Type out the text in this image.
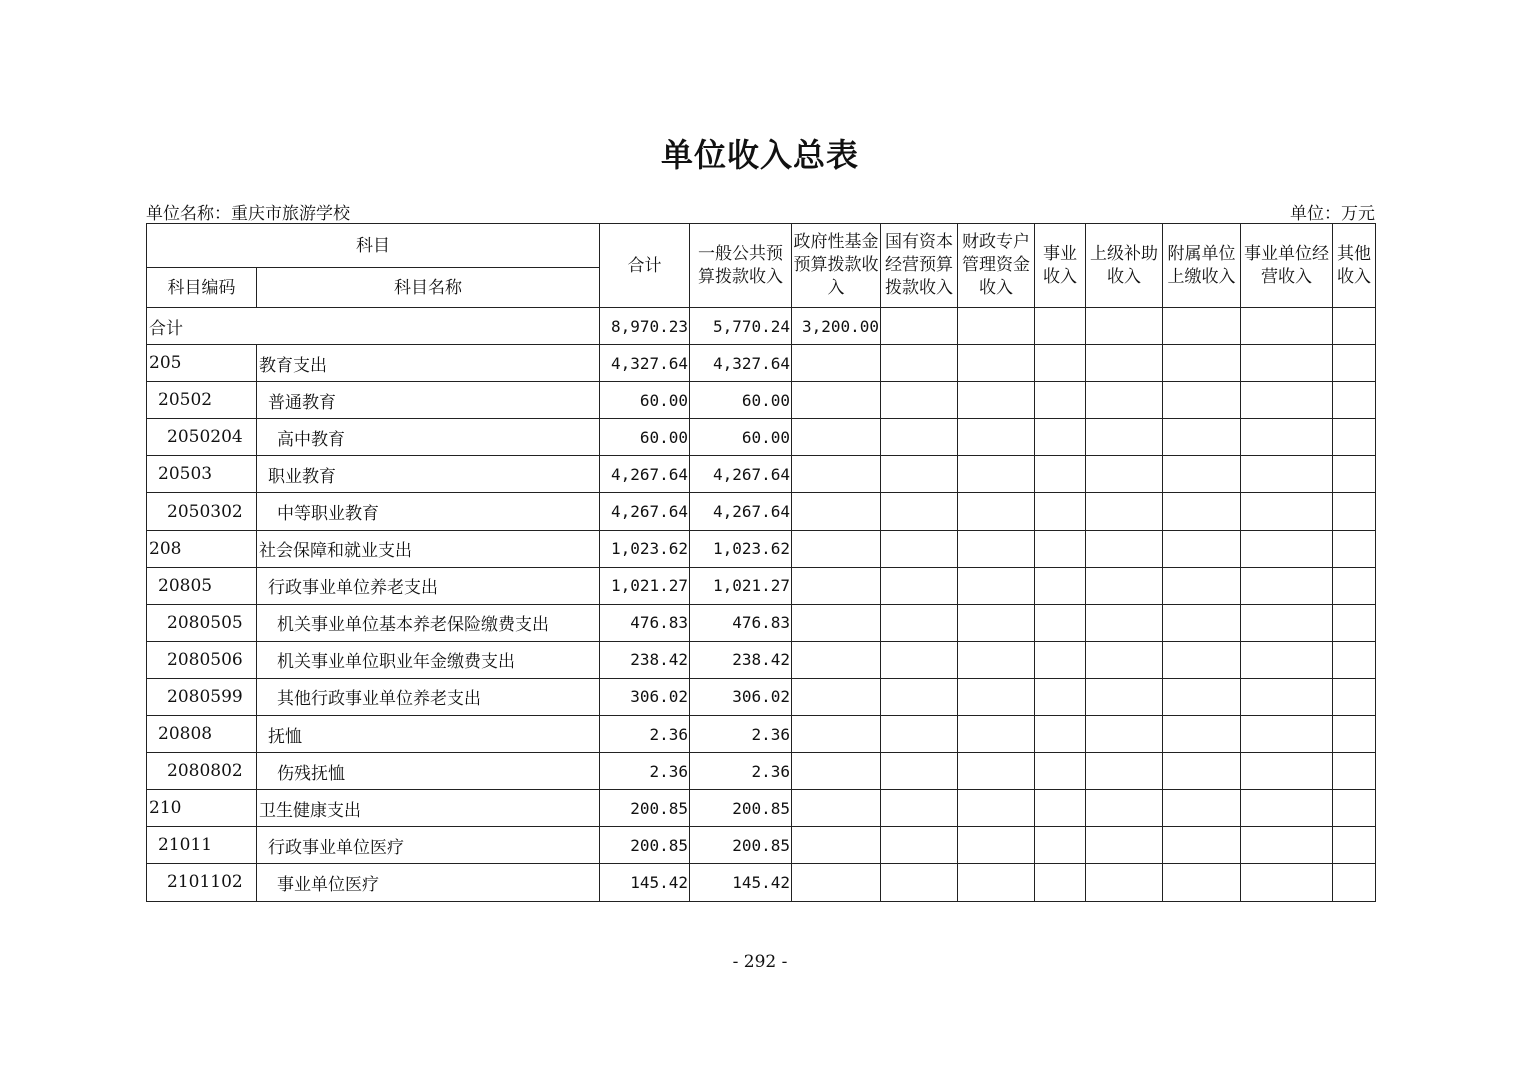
单位收入总表
单位名称：重庆市旅游学校	单位：万元
科目		合计	一般公共预算拨款收入	政府性基金预算拨款收入	国有资本经营预算拨款收入	财政专户管理资金收入	事业收入	上级补助收入	附属单位上缴收入	事业单位经营收入	其他收入
科目编码	科目名称										
合计		8,970.23	5,770.24	3,200.00							
205	教育支出	4,327.64	4,327.64								
20502	普通教育	60.00	60.00								
2050204	高中教育	60.00	60.00								
20503	职业教育	4,267.64	4,267.64								
2050302	中等职业教育	4,267.64	4,267.64								
208	社会保障和就业支出	1,023.62	1,023.62								
20805	行政事业单位养老支出	1,021.27	1,021.27								
2080505	机关事业单位基本养老保险缴费支出	476.83	476.83								
2080506	机关事业单位职业年金缴费支出	238.42	238.42								
2080599	其他行政事业单位养老支出	306.02	306.02								
20808	抚恤	2.36	2.36								
2080802	伤残抚恤	2.36	2.36								
210	卫生健康支出	200.85	200.85								
21011	行政事业单位医疗	200.85	200.85								
2101102	事业单位医疗	145.42	145.42								
- 292 -
